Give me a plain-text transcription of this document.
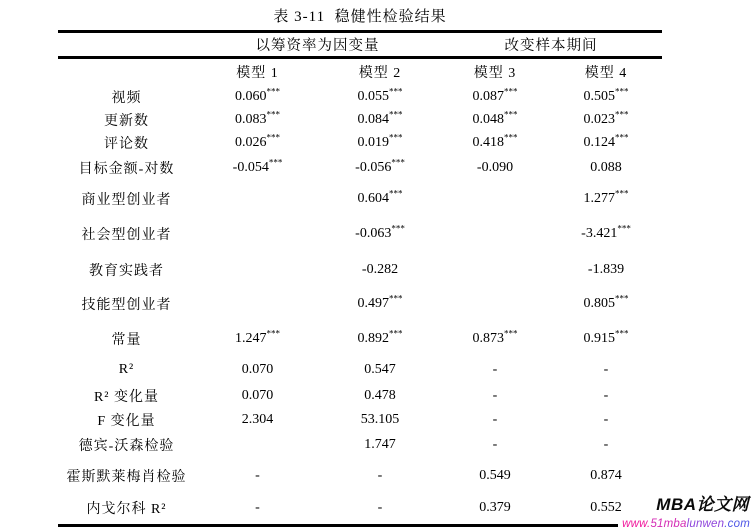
表 3-11  稳健性检验结果
	以筹资率为因变量		改变样本期间	
	模型 1	模型 2	模型 3	模型 4
视频	0.060***	0.055***	0.087***	0.505***
更新数	0.083***	0.084***	0.048***	0.023***
评论数	0.026***	0.019***	0.418***	0.124***
目标金额-对数	-0.054***	-0.056***	-0.090	0.088
商业型创业者		0.604***		1.277***
社会型创业者		-0.063***		-3.421***
教育实践者		-0.282		-1.839
技能型创业者		0.497***		0.805***
常量	1.247***	0.892***	0.873***	0.915***
R²	0.070	0.547	-	-
R² 变化量	0.070	0.478	-	-
F 变化量	2.304	53.105	-	-
德宾-沃森检验		1.747	-	-
霍斯默莱梅肖检验	-	-	0.549	0.874
内戈尔科 R²	-	-	0.379	0.552 MBA论文网
www.51mbalunwen.com
